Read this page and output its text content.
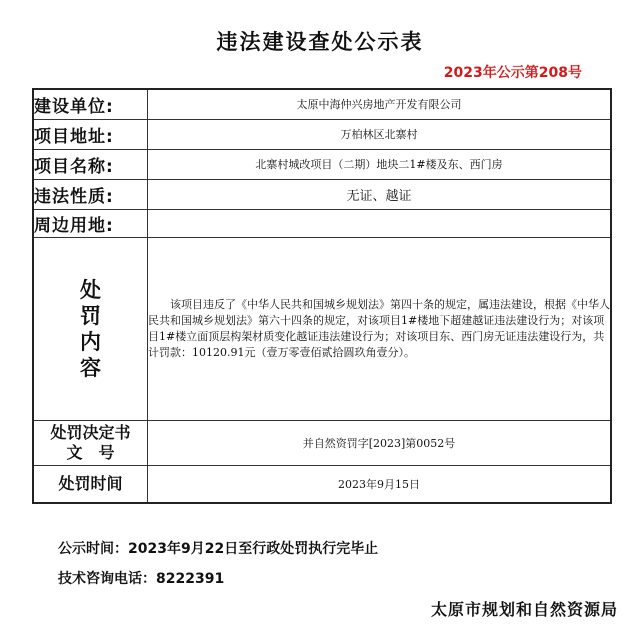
违法建设查处公示表
2023年公示第208号
建设单位:	太原中海仲兴房地产开发有限公司
项目地址:	万柏林区北寨村
项目名称:	北寨村城改项目（二期）地块二1#楼及东、西门房
违法性质:	无证、越证
周边用地:	

处
罚
内
容	该项目违反了《中华人民共和国城乡规划法》第四十条的规定，属违法建设，根据《中华人民共和国城乡规划法》第六十四条的规定，对该项目1#楼地下超建越证违法建设行为；对该项目1#楼立面顶层构架材质变化越证违法建设行为；对该项目东、西门房无证违法建设行为，共计罚款：10120.91元（壹万零壹佰贰拾圆玖角壹分）。

处罚决定书
文　号	并自然资罚字[2023]第0052号
处罚时间	2023年9月15日
公示时间：2023年9月22日至行政处罚执行完毕止
技术咨询电话：8222391
太原市规划和自然资源局
